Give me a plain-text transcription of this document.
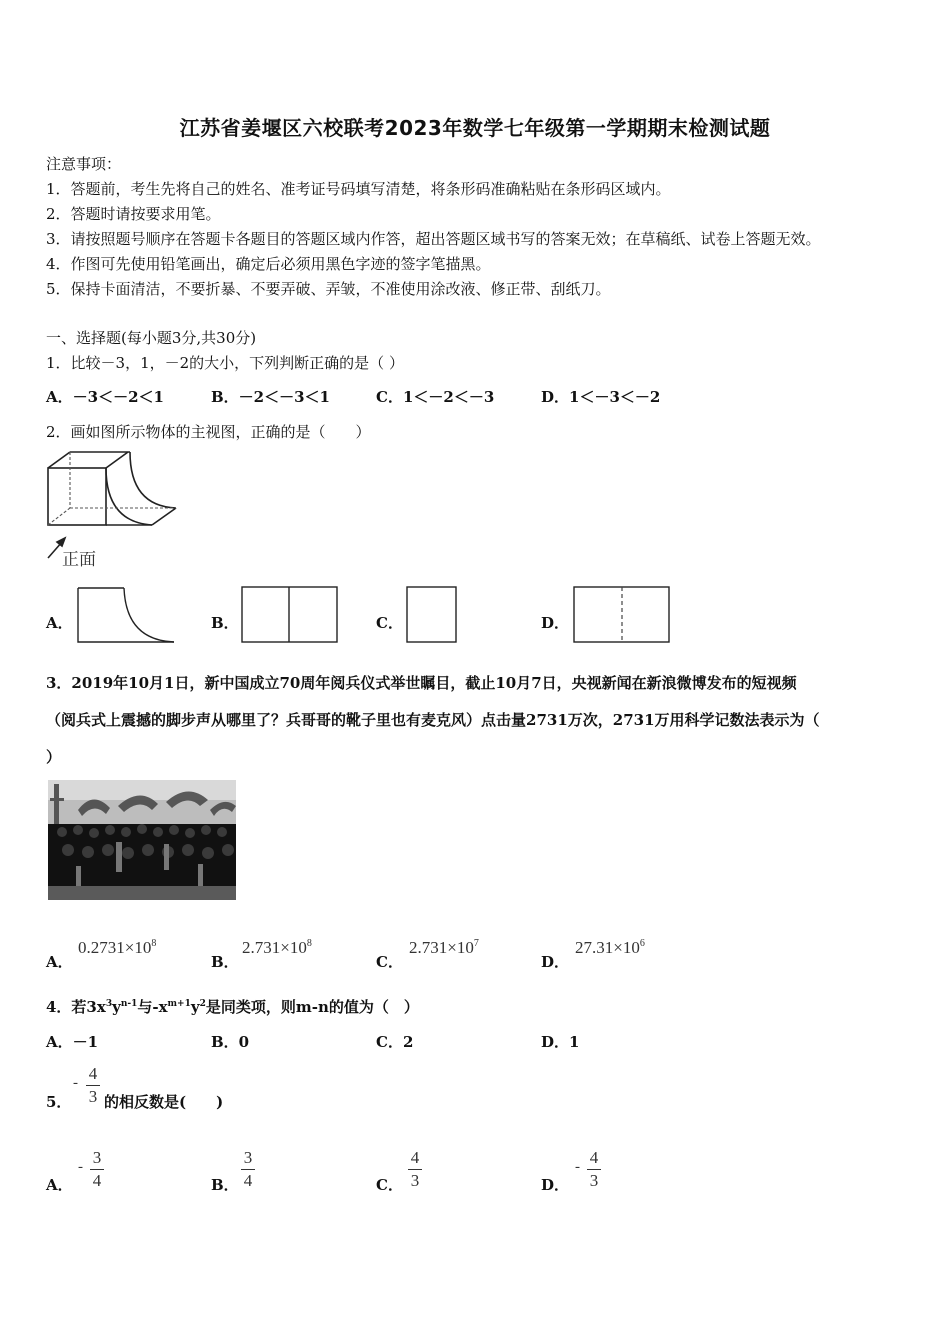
江苏省姜堰区六校联考2023年数学七年级第一学期期末检测试题
注意事项：
1．答题前，考生先将自己的姓名、准考证号码填写清楚，将条形码准确粘贴在条形码区域内。
2．答题时请按要求用笔。
3．请按照题号顺序在答题卡各题目的答题区域内作答，超出答题区域书写的答案无效；在草稿纸、试卷上答题无效。
4．作图可先使用铅笔画出，确定后必须用黑色字迹的签字笔描黑。
5．保持卡面清洁，不要折暴、不要弄破、弄皱，不准使用涂改液、修正带、刮纸刀。
一、选择题(每小题3分,共30分)
1．比较－3，1，－2的大小，下列判断正确的是（ ）
A．－3＜－2＜1	B．－2＜－3＜1	C．1＜－2＜－3	D．1＜－3＜－2
2．画如图所示物体的主视图，正确的是（　　）
正面
A．	B．	C．	D．
3．2019年10月1日，新中国成立70周年阅兵仪式举世瞩目，截止10月7日，央视新闻在新浪微博发布的短视频
（阅兵式上震撼的脚步声从哪里了？兵哥哥的靴子里也有麦克风）点击量2731万次，2731万用科学记数法表示为（
）
A．
$0.2731\times 10^8$
B．
$2.731\times 10^8$
C．
$2.731\times 10^7$
D．
$27.31\times 10^6$
4．若$3x^3y^{n-1}$与$-x^{m+1}y^2$是同类项，则m-n的值为（　）
A．－1	B．0	C．2	D．1
5．
- 4
3 的相反数是(　　)
A．
- 3
4	B．
3
4	C．
4
3	D．
- 4
3
